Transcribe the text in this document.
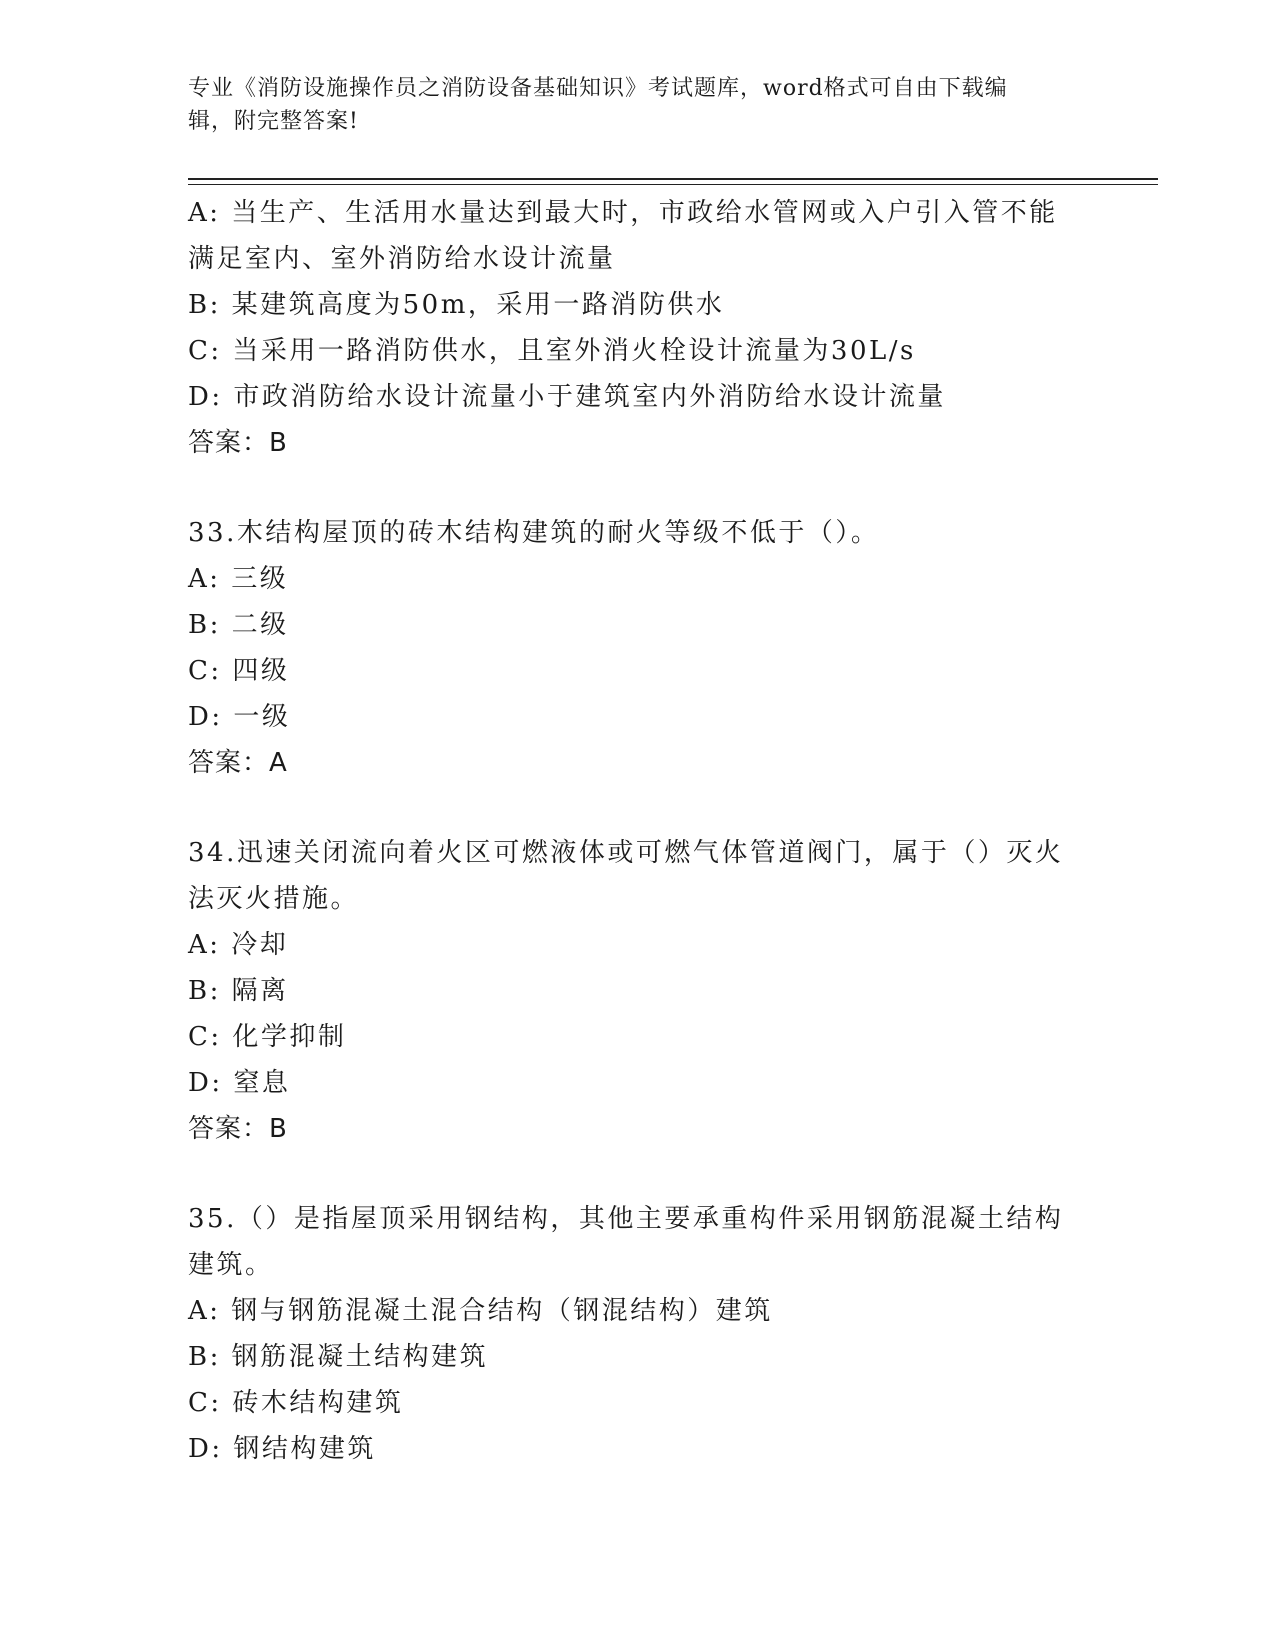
专业《消防设施操作员之消防设备基础知识》考试题库，word格式可自由下载编
辑，附完整答案!

A: 当生产、生活用水量达到最大时，市政给水管网或入户引入管不能

满足室内、室外消防给水设计流量

B: 某建筑高度为50m，采用一路消防供水

C: 当采用一路消防供水，且室外消火栓设计流量为30L/s

D: 市政消防给水设计流量小于建筑室内外消防给水设计流量

答案：B

33.木结构屋顶的砖木结构建筑的耐火等级不低于（）。

A: 三级

B: 二级

C: 四级

D: 一级

答案：A

34.迅速关闭流向着火区可燃液体或可燃气体管道阀门，属于（）灭火

法灭火措施。

A: 冷却

B: 隔离

C: 化学抑制

D: 窒息

答案：B

35.（）是指屋顶采用钢结构，其他主要承重构件采用钢筋混凝土结构

建筑。

A: 钢与钢筋混凝土混合结构（钢混结构）建筑

B: 钢筋混凝土结构建筑

C: 砖木结构建筑

D: 钢结构建筑
